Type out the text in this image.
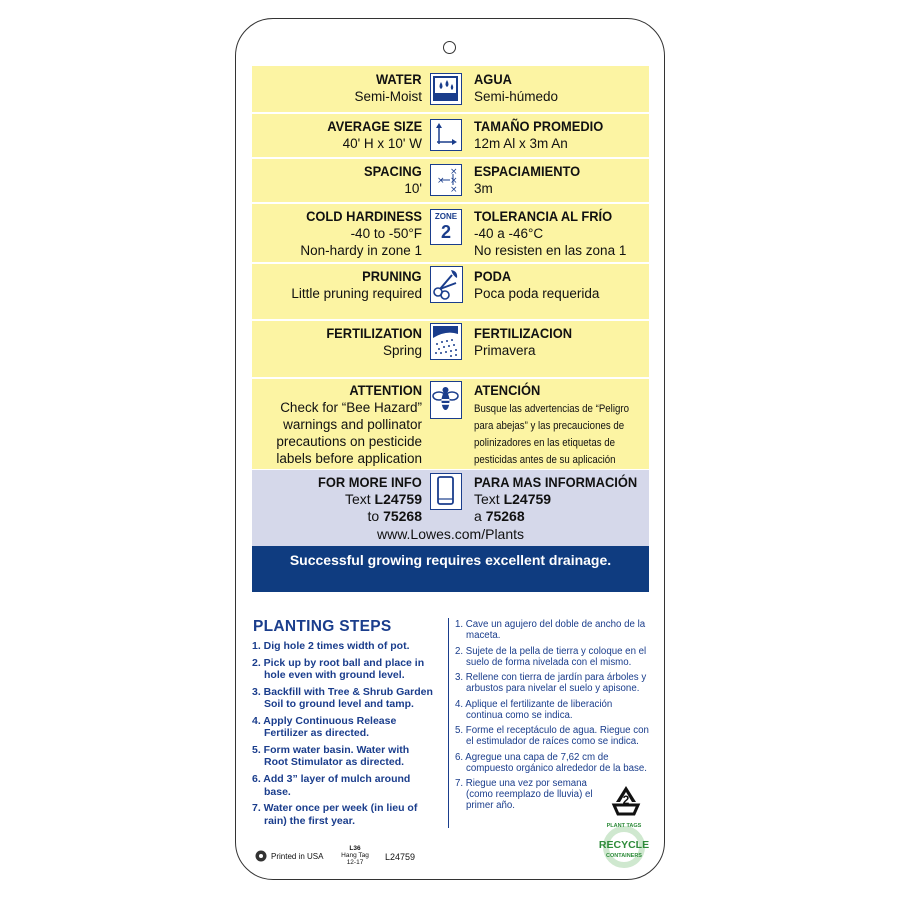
WATER
Semi-Moist
AGUA
Semi-húmedo
AVERAGE SIZE
40' H x 10' W
TAMAÑO PROMEDIO
12m Al x 3m An
SPACING
10'
ESPACIAMIENTO
3m
× ×
×
×
COLD HARDINESS
-40 to -50°F
Non-hardy in zone 1
TOLERANCIA AL FRÍO
-40 a -46°C
No resisten en las zona 1
ZONE
2
PRUNING
Little pruning required
PODA
Poca poda requerida
FERTILIZATION
Spring
FERTILIZACION
Primavera
ATTENTION
Check for “Bee Hazard”
warnings and pollinator
precautions on pesticide
labels before application
ATENCIÓN
Busque las advertencias de “Peligro
para abejas” y las precauciones de
polinizadores en las etiquetas de
pesticidas antes de su aplicación
FOR MORE INFO
Text L24759
to 75268
PARA MAS INFORMACIÓN
Text L24759
a 75268
www.Lowes.com/Plants
Successful growing requires excellent drainage.
PLANTING STEPS
1. Dig hole 2 times width of pot.
2. Pick up by root ball and place in hole even with ground level.
3. Backfill with Tree & Shrub Garden Soil to ground level and tamp.
4. Apply Continuous Release Fertilizer as directed.
5. Form water basin. Water with Root Stimulator as directed.
6. Add 3” layer of mulch around base.
7. Water once per week (in lieu of rain) the first year.
1. Cave un agujero del doble de ancho de la maceta.
2. Sujete de la pella de tierra y coloque en el suelo de forma nivelada con el mismo.
3. Rellene con tierra de jardín para árboles y arbustos para nivelar el suelo y apisone.
4. Aplique el fertilizante de liberación continua como se indica.
5. Forme el receptáculo de agua. Riegue con el estimulador de raíces como se indica.
6. Agregue una capa de 7,62 cm de compuesto orgánico alrededor de la base.
7. Riegue una vez por semana (como reemplazo de lluvia) el primer año.	2
PLANT TAGS
RECYCLE
CONTAINERS
Printed in USA
L36
Hang Tag
12-17
L24759
